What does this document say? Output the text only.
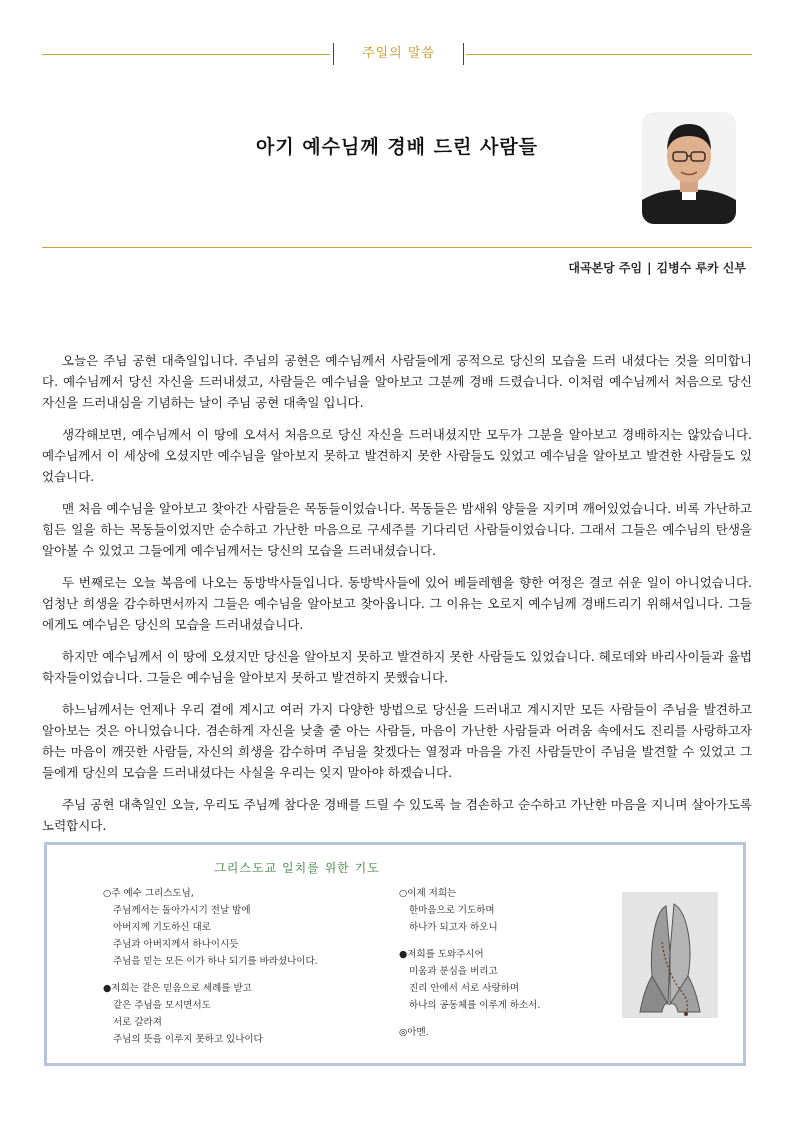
주일의 말씀
아기 예수님께 경배 드린 사람들
대곡본당 주임 | 김병수 루카 신부

오늘은 주님 공현 대축일입니다. 주님의 공현은 예수님께서 사람들에게 공적으로 당신의 모습을 드러 내셨다는 것을 의미합니다. 예수님께서 당신 자신을 드러내셨고, 사람들은 예수님을 알아보고 그분께 경배 드렸습니다. 이처럼 예수님께서 처음으로 당신 자신을 드러내심을 기념하는 날이 주님 공현 대축일 입니다.

생각해보면, 예수님께서 이 땅에 오셔서 처음으로 당신 자신을 드러내셨지만 모두가 그분을 알아보고 경배하지는 않았습니다. 예수님께서 이 세상에 오셨지만 예수님을 알아보지 못하고 발견하지 못한 사람들도 있었고 예수님을 알아보고 발견한 사람들도 있었습니다.

맨 처음 예수님을 알아보고 찾아간 사람들은 목동들이었습니다. 목동들은 밤새워 양들을 지키며 깨어있었습니다. 비록 가난하고 힘든 일을 하는 목동들이었지만 순수하고 가난한 마음으로 구세주를 기다리던 사람들이었습니다. 그래서 그들은 예수님의 탄생을 알아볼 수 있었고 그들에게 예수님께서는 당신의 모습을 드러내셨습니다.

두 번째로는 오늘 복음에 나오는 동방박사들입니다. 동방박사들에 있어 베들레헴을 향한 여정은 결코 쉬운 일이 아니었습니다. 엄청난 희생을 감수하면서까지 그들은 예수님을 알아보고 찾아옵니다. 그 이유는 오로지 예수님께 경배드리기 위해서입니다. 그들에게도 예수님은 당신의 모습을 드러내셨습니다.

하지만 예수님께서 이 땅에 오셨지만 당신을 알아보지 못하고 발견하지 못한 사람들도 있었습니다. 헤로데와 바리사이들과 율법 학자들이었습니다. 그들은 예수님을 알아보지 못하고 발견하지 못했습니다.

하느님께서는 언제나 우리 곁에 계시고 여러 가지 다양한 방법으로 당신을 드러내고 계시지만 모든 사람들이 주님을 발견하고 알아보는 것은 아니었습니다. 겸손하게 자신을 낮출 줄 아는 사람들, 마음이 가난한 사람들과 어려움 속에서도 진리를 사랑하고자 하는 마음이 깨끗한 사람들, 자신의 희생을 감수하며 주님을 찾겠다는 열정과 마음을 가진 사람들만이 주님을 발견할 수 있었고 그들에게 당신의 모습을 드러내셨다는 사실을 우리는 잊지 말아야 하겠습니다.

주님 공현 대축일인 오늘, 우리도 주님께 참다운 경배를 드릴 수 있도록 늘 겸손하고 순수하고 가난한 마음을 지니며 살아가도록 노력합시다.

그리스도교 일치를 위한 기도
○주 예수 그리스도님,
주님께서는 돌아가시기 전날 밤에
아버지께 기도하신 대로
주님과 아버지께서 하나이시듯
주님을 믿는 모든 이가 하나 되기를 바라셨나이다.
●저희는 같은 믿음으로 세례를 받고
같은 주님을 모시면서도
서로 갈라져
주님의 뜻을 이루지 못하고 있나이다
○이제 저희는
한마음으로 기도하며
하나가 되고자 하오니
●저희를 도와주시어
미움과 분심을 버리고
진리 안에서 서로 사랑하며
하나의 공동체를 이루게 하소서.
◎아멘.
